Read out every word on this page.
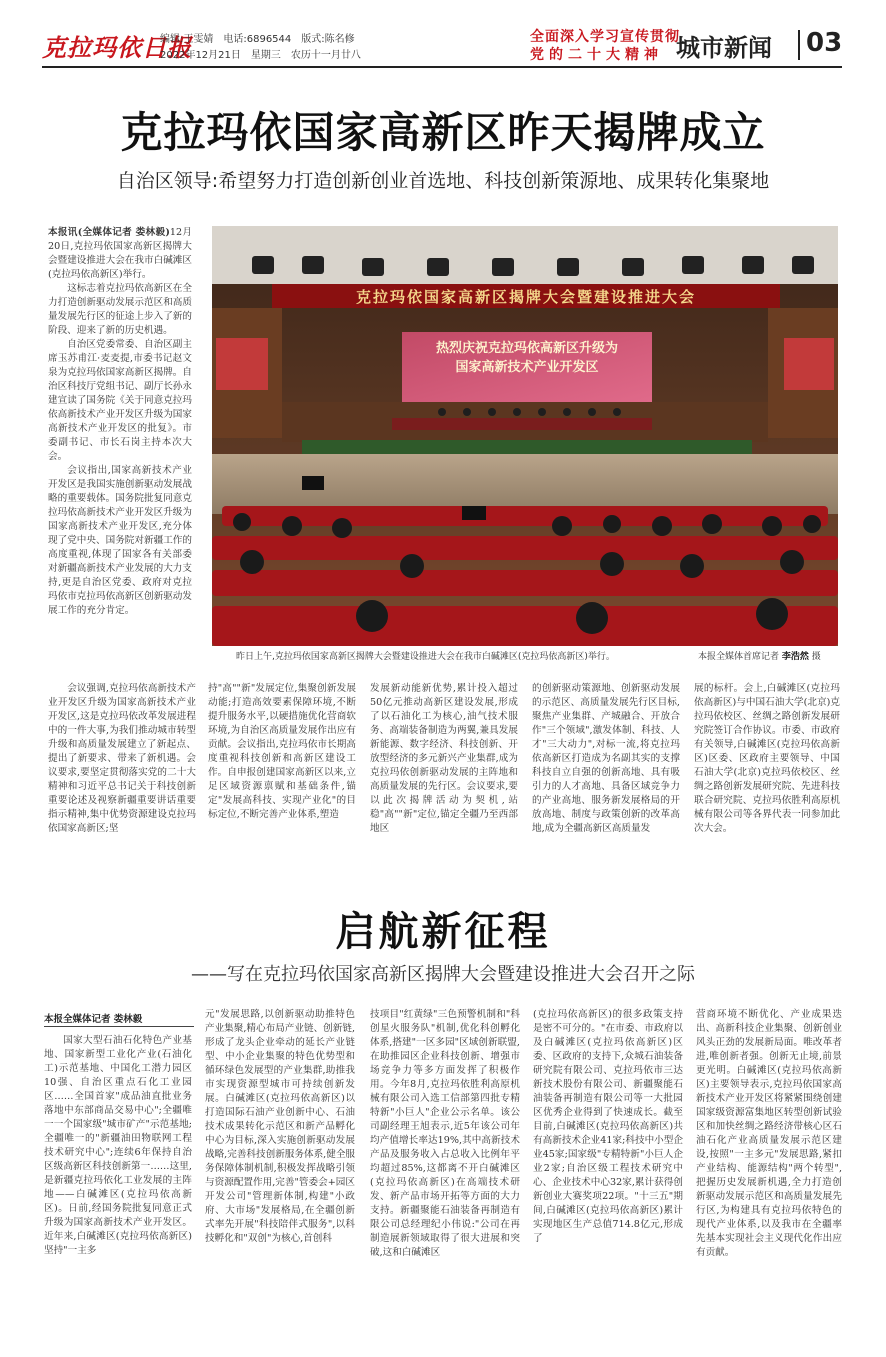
克拉玛依日报
编辑:王雯婧　电话:6896544　版式:陈名修
2022年12月21日　星期三　农历十一月廿八
全面深入学习宣传贯彻
党的二十大精神 城市新闻 03
克拉玛依国家高新区昨天揭牌成立
自治区领导:希望努力打造创新创业首选地、科技创新策源地、成果转化集聚地

本报讯(全媒体记者 娄林毅)12月20日,克拉玛依国家高新区揭牌大会暨建设推进大会在我市白碱滩区(克拉玛依高新区)举行。

这标志着克拉玛依高新区在全力打造创新驱动发展示范区和高质量发展先行区的征途上步入了新的阶段、迎来了新的历史机遇。

自治区党委常委、自治区副主席玉苏甫江·麦麦提,市委书记赵文泉为克拉玛依国家高新区揭牌。自治区科技厅党组书记、副厅长孙永建宣读了国务院《关于同意克拉玛依高新技术产业开发区升级为国家高新技术产业开发区的批复》。市委副书记、市长石岗主持本次大会。

会议指出,国家高新技术产业开发区是我国实施创新驱动发展战略的重要载体。国务院批复同意克拉玛依高新技术产业开发区升级为国家高新技术产业开发区,充分体现了党中央、国务院对新疆工作的高度重视,体现了国家各有关部委对新疆高新技术产业发展的大力支持,更是自治区党委、政府对克拉玛依市克拉玛依高新区创新驱动发展工作的充分肯定。

克拉玛依国家高新区揭牌大会暨建设推进大会
热烈庆祝克拉玛依高新区升级为
国家高新技术产业开发区
昨日上午,克拉玛依国家高新区揭牌大会暨建设推进大会在我市白碱滩区(克拉玛依高新区)举行。	本报全媒体首席记者 李浩然 摄

会议强调,克拉玛依高新技术产业开发区升级为国家高新技术产业开发区,这是克拉玛依改革发展进程中的一件大事,为我们推动城市转型升级和高质量发展建立了新起点、提出了新要求、带来了新机遇。会议要求,要坚定贯彻落实党的二十大精神和习近平总书记关于科技创新重要论述及视察新疆重要讲话重要指示精神,集中优势资源建设克拉玛依国家高新区;坚

持"高""新"发展定位,集聚创新发展动能;打造高效要素保障环境,不断提升服务水平,以硬措施优化营商软环境,为自治区高质量发展作出应有贡献。会议指出,克拉玛依市长期高度重视科技创新和高新区建设工作。自申报创建国家高新区以来,立足区域资源禀赋和基础条件,锚定"发展高科技、实现产业化"的目标定位,不断完善产业体系,塑造

发展新动能新优势,累计投入超过50亿元推动高新区建设发展,形成了以石油化工为核心,油气技术服务、高端装备制造为两翼,兼具发展新能源、数字经济、科技创新、开放型经济的多元新兴产业集群,成为克拉玛依创新驱动发展的主阵地和高质量发展的先行区。会议要求,要以此次揭牌活动为契机,站稳"高""新"定位,锚定全疆乃至西部地区

的创新驱动策源地、创新驱动发展的示范区、高质量发展先行区目标,聚焦产业集群、产城融合、开放合作"三个领域",激发体制、科技、人才"三大动力",对标一流,将克拉玛依高新区打造成为名副其实的支撑科技自立自强的创新高地、具有吸引力的人才高地、具备区域竞争力的产业高地、服务新发展格局的开放高地、制度与政策创新的改革高地,成为全疆高新区高质量发

展的标杆。会上,白碱滩区(克拉玛依高新区)与中国石油大学(北京)克拉玛依校区、丝绸之路创新发展研究院签订合作协议。市委、市政府有关领导,白碱滩区(克拉玛依高新区)区委、区政府主要领导、中国石油大学(北京)克拉玛依校区、丝绸之路创新发展研究院、先进科技联合研究院、克拉玛依胜利高原机械有限公司等各界代表一同参加此次大会。

启航新征程
——写在克拉玛依国家高新区揭牌大会暨建设推进大会召开之际
本报全媒体记者 娄林毅

国家大型石油石化特色产业基地、国家新型工业化产业(石油化工)示范基地、中国化工潜力园区10强、自治区重点石化工业园区……全国首家"成品油直批业务落地中东部商品交易中心";全疆唯一一个国家级"城市矿产"示范基地;全疆唯一的"新疆油田物联网工程技术研究中心";连续6年保持自治区级高新区科技创新第一……这里,是新疆克拉玛依化工业发展的主阵地——白碱滩区(克拉玛依高新区)。日前,经国务院批复同意正式升级为国家高新技术产业开发区。近年来,白碱滩区(克拉玛依高新区)坚持"一主多

元"发展思路,以创新驱动助推特色产业集聚,精心布局产业链、创新链,形成了龙头企业牵动的延长产业链型、中小企业集聚的特色优势型和循环绿色发展型的产业集群,助推我市实现资源型城市可持续创新发展。白碱滩区(克拉玛依高新区)以打造国际石油产业创新中心、石油技术成果转化示范区和新产品孵化中心为目标,深入实施创新驱动发展战略,完善科技创新服务体系,健全服务保障体制机制,积极发挥战略引领与资源配置作用,完善"管委会+园区开发公司"管理新体制,构建"小政府、大市场"发展格局,在全疆创新式率先开展"科技陪伴式服务",以科技孵化和"双创"为核心,首创科

技项目"红黄绿"三色预警机制和"科创星火服务队"机制,优化科创孵化体系,搭建"一区多园"区域创新联盟,在助推园区企业科技创新、增强市场竞争力等多方面发挥了积极作用。今年8月,克拉玛依胜利高原机械有限公司入选工信部第四批专精特新"小巨人"企业公示名单。该公司副经理王旭表示,近5年该公司年均产值增长率达19%,其中高新技术产品及服务收入占总收入比例年平均超过85%,这都离不开白碱滩区(克拉玛依高新区)在高端技术研发、新产品市场开拓等方面的大力支持。新疆聚能石油装备再制造有限公司总经理纪小伟说:"公司在再制造展新领域取得了很大进展和突破,这和白碱滩区

(克拉玛依高新区)的很多政策支持是密不可分的。"在市委、市政府以及白碱滩区(克拉玛依高新区)区委、区政府的支持下,众城石油装备研究院有限公司、克拉玛依市三达新技术股份有限公司、新疆聚能石油装备再制造有限公司等一大批园区优秀企业得到了快速成长。截至目前,白碱滩区(克拉玛依高新区)共有高新技术企业41家;科技中小型企业45家;国家级"专精特新"小巨人企业2家;自治区级工程技术研究中心、企业技术中心32家,累计获得创新创业大赛奖项22项。"十三五"期间,白碱滩区(克拉玛依高新区)累计实现地区生产总值714.8亿元,形成了

营商环境不断优化、产业成果迭出、高新科技企业集聚、创新创业风头正劲的发展新局面。唯改革者进,唯创新者强。创新无止境,前景更光明。白碱滩区(克拉玛依高新区)主要领导表示,克拉玛依国家高新技术产业开发区将紧紧围绕创建国家级资源富集地区转型创新试验区和加快丝绸之路经济带核心区石油石化产业高质量发展示范区建设,按照"一主多元"发展思路,紧扣产业结构、能源结构"两个转型",把握历史发展新机遇,全力打造创新驱动发展示范区和高质量发展先行区,为构建具有克拉玛依特色的现代产业体系,以及我市在全疆率先基本实现社会主义现代化作出应有贡献。
